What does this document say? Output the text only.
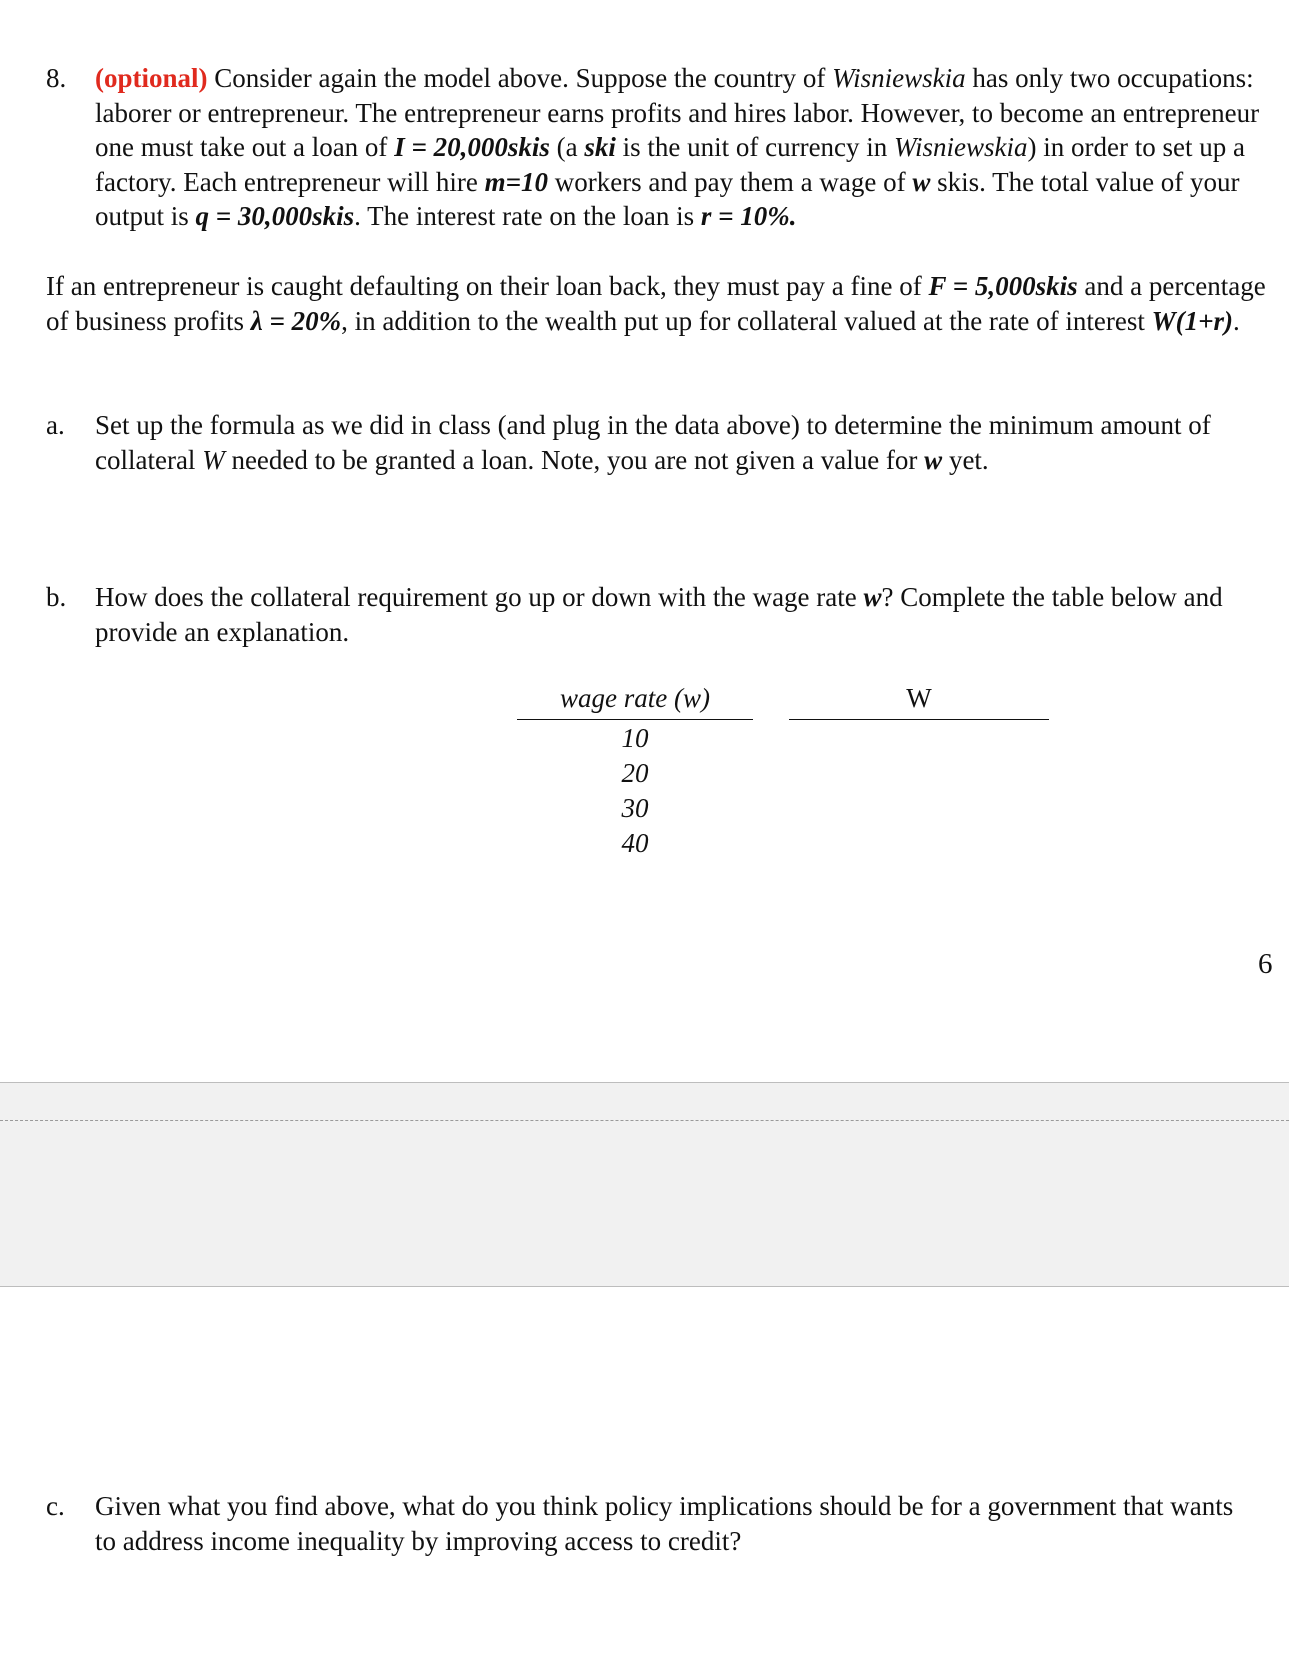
8.	(optional) Consider again the model above. Suppose the country of Wisniewskia has only two occupations: laborer or entrepreneur. The entrepreneur earns profits and hires labor. However, to become an entrepreneur one must take out a loan of I = 20,000skis (a ski is the unit of currency in Wisniewskia) in order to set up a factory. Each entrepreneur will hire m=10 workers and pay them a wage of w skis. The total value of your output is q = 30,000skis. The interest rate on the loan is r = 10%.
If an entrepreneur is caught defaulting on their loan back, they must pay a fine of F = 5,000skis and a percentage of business profits λ = 20%, in addition to the wealth put up for collateral valued at the rate of interest W(1+r).
a.	Set up the formula as we did in class (and plug in the data above) to determine the minimum amount of collateral W needed to be granted a loan. Note, you are not given a value for w yet.
b.	How does the collateral requirement go up or down with the wage rate w? Complete the table below and provide an explanation.
wage rate (w)	W
10
20
30
40
6
c.	Given what you find above, what do you think policy implications should be for a government that wants to address income inequality by improving access to credit?
